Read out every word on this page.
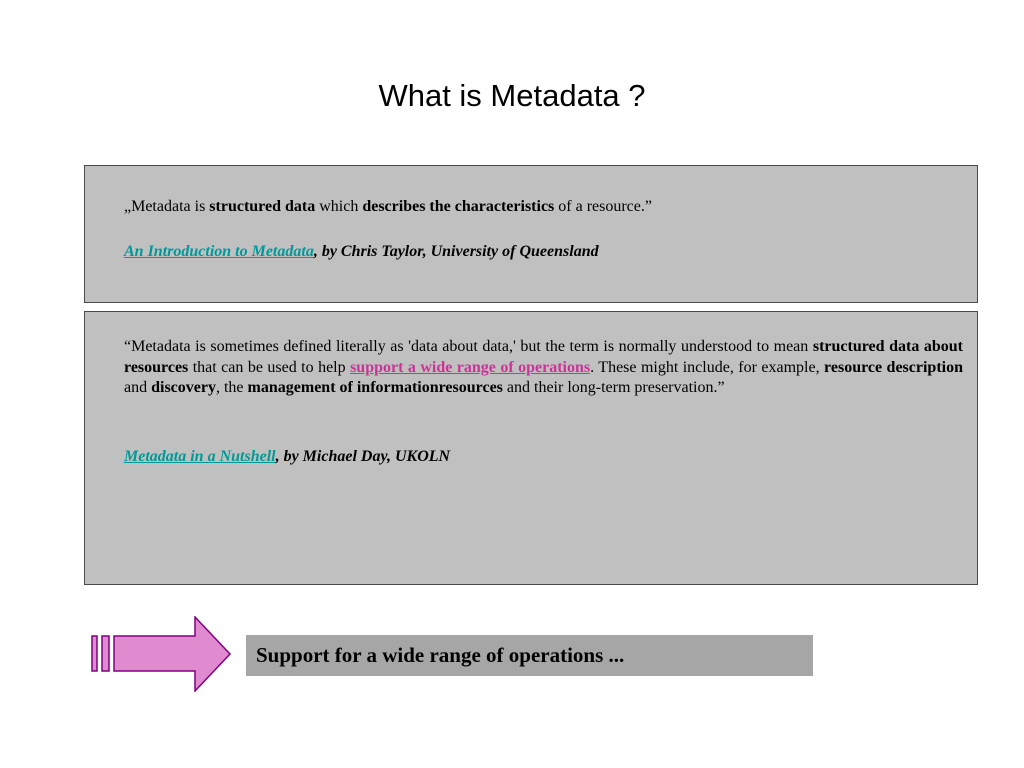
What is Metadata ?
„Metadata is structured data which describes the characteristics of a resource.”
An Introduction to Metadata, by Chris Taylor, University of Queensland
“Metadata is sometimes defined literally as 'data about data,' but the term is normally understood to mean structured data about resources that can be used to help support a wide range of operations. These might include, for example, resource description and discovery, the management of informationresources and their long-term preservation.”
Metadata in a Nutshell, by Michael Day, UKOLN
Support for a wide range of operations ...
